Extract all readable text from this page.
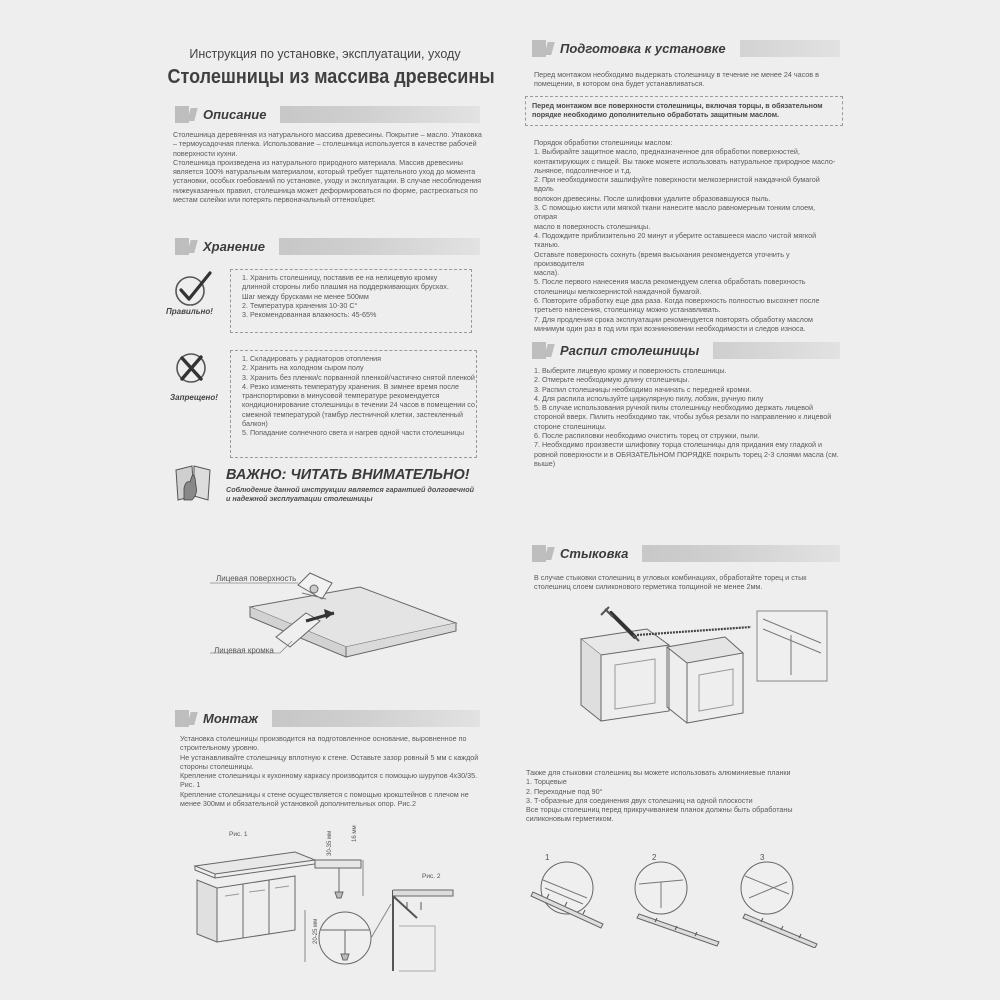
Инструкция по установке, эксплуатации, уходу
Столешницы из массива древесины
Описание

Столешница деревянная из натурального массива древесины. Покрытие – масло. Упаковка

– термоусадочная пленка. Использование – столешница используется в качестве рабочей

поверхности кухни.

Столешница произведена из натурального природного материала. Массив древесины

является 100% натуральным материалом, который требует тщательного уход до момента

установки, особых гоебований по установке, уходу и эксплуатации. В случае несоблюдения

нижеуказанных правил, столешница может деформироваться по форме, растрескаться по

местам склейки или потерять первоначальный оттенок/цвет.

Хранение
Правильно!

1. Хранить столешницу, поставив ее на нелицевую кромку

длинной стороны либо плашмя на поддерживающих брусках.

Шаг между брусками не менее 500мм

2. Температура хранения 10-30 С°

3. Рекомендованная влажность: 45-65%

Запрещено!

1. Складировать у радиаторов отопления

2. Хранить на холодном сыром полу

3. Хранить без пленки/с порванной пленкой/частично снятой пленкой

4. Резко изменять температуру хранения. В зимнее время после

транспортировки в минусовой температуре рекомендуется

кондиционирование столешницы в течении 24 часов в помещении со

смежной температурой (тамбур лестничной клетки, застекленный

балкон)

5. Попадание солнечного света и нагрев одной части столешницы

ВАЖНО: ЧИТАТЬ ВНИМАТЕЛЬНО!

Соблюдение данной инструкции является гарантией долговечной

и надежной эксплуатации столешницы

Лицевая поверхность
Лицевая кромка
Монтаж

Установка столешницы производится на подготовленное основание, выровненное по

строительному уровню.

Не устанавливайте столешницу вплотную к стене. Оставьте зазор ровный 5 мм с каждой

стороны столешницы.

Крепление столешницы к кухонному каркасу производится с помощью шурупов 4х30/35.

Рис. 1

Крепление столешницы к стене осуществляется с помощью крокштейнов с плечом не

менее 300мм и обязательной установкой дополнительных опор. Рис.2

Рис. 1
Рис. 2
30-35 мм	16 мм
20-25 мм
Подготовка к установке

Перед монтажом необходимо выдержать столешницу в течение не менее 24 часов в

помещении, в котором она будет устанавливаться.

Перед монтажом все поверхности столешницы, включая торцы, в обязательном

порядке необходимо дополнительно обработать защитным маслом.

Порядок обработки столешницы маслом:

1. Выбирайте защитное масло, предназначенное для обработки поверхностей,

контактирующих с пищей. Вы также можете использовать натуральное природное масло-

льняное, подсолнечное и т.д.

2. При необходимости зашлифуйте поверхности мелкозернистой наждачной бумагой вдоль

волокон древесины. После шлифовки удалите образовавшуюся пыль.

3. С помощью кисти или мягкой ткани нанесите масло равномерным тонким слоем, отирая

масло в поверхность столешницы.

4. Подождите приблизительно 20 минут и уберите оставшееся масло чистой мягкой тканью.

Оставьте поверхность сохнуть (время высыхания рекомендуется уточнить у производителя

масла).

5. После первого нанесения масла рекомендуем слегка обработать поверхность

столешницы мелкозернистой наждачной бумагой.

6. Повторите обработку еще два раза. Когда поверхность полностью высохнет после

третьего нанесения, столешницу можно устанавливать.

7. Для продления срока эксплуатации рекомендуется повторять обработку маслом

минимум один раз в год или при возникновении необходимости и следов износа.

Распил столешницы

1. Выберите лицевую кромку и поверхность столешницы.

2. Отмерьте необходимую длину столешницы.

3. Распил столешницы необходимо начинать с передней кромки.

4. Для распила используйте циркулярную пилу, лобзик, ручную пилу

5. В случае использования ручной пилы столешницу необходимо держать лицевой

стороной вверх. Пилить необходимо так, чтобы зубья резали по направлению к лицевой

стороне столешницы.

6. После распиловки необходимо очистить торец от стружки, пыли.

7. Необходимо произвести шлифовку торца столешницы для придания ему гладкой и

ровной поверхности и в ОБЯЗАТЕЛЬНОМ ПОРЯДКЕ покрыть торец 2-3 слоями масла (см.

выше)

Стыковка

В случае стыковки столешниц в угловых комбинациях, обработайте торец и стык

столешниц слоем силиконового герметика толщиной не менее 2мм.

Также для стыковки столешниц вы можете использовать алюминиевые планки

1. Торцевые

2. Переходные под 90°

3. Т-образные для соединения двух столешниц на одной плоскости

Все торцы столешниц перед прикручиванием планок должны быть обработаны

силиконовым герметиком.

1	2	3
